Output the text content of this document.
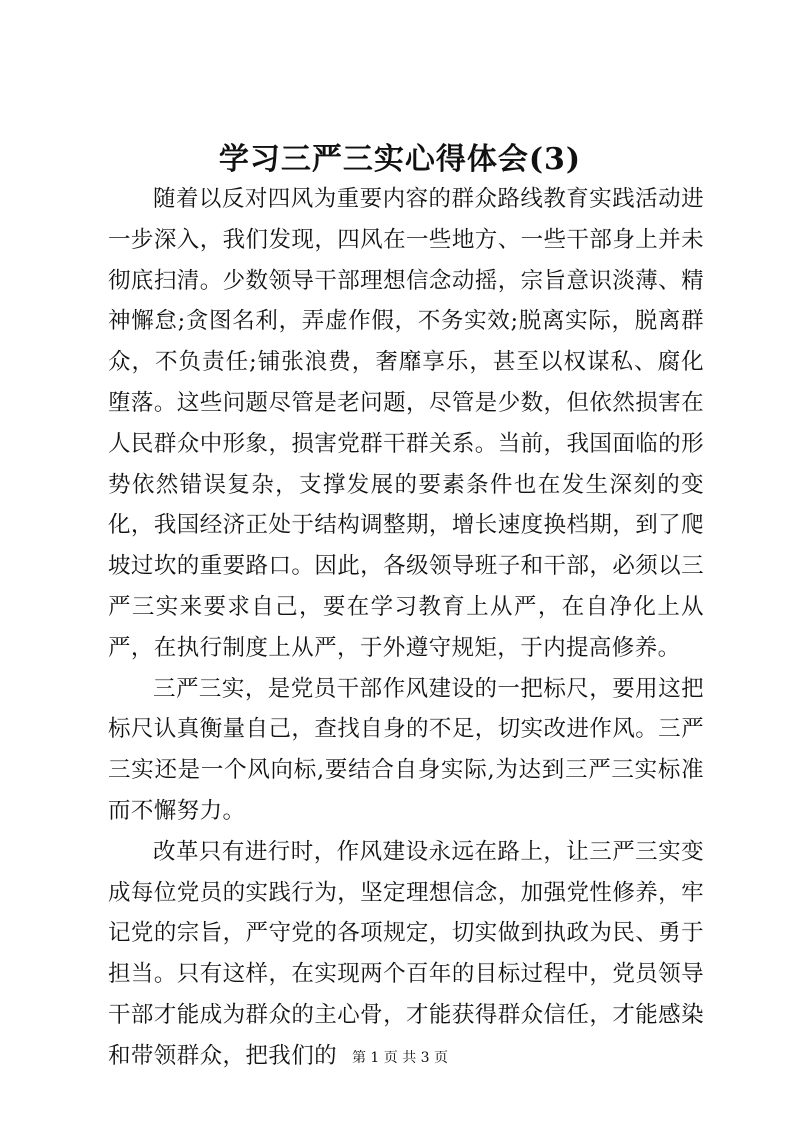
学习三严三实心得体会(3)

随着以反对四风为重要内容的群众路线教育实践活动进一步深入，我们发现，四风在一些地方、一些干部身上并未彻底扫清。少数领导干部理想信念动摇，宗旨意识淡薄、精神懈怠;贪图名利，弄虚作假，不务实效;脱离实际，脱离群众，不负责任;铺张浪费，奢靡享乐，甚至以权谋私、腐化堕落。这些问题尽管是老问题，尽管是少数，但依然损害在人民群众中形象，损害党群干群关系。当前，我国面临的形势依然错误复杂，支撑发展的要素条件也在发生深刻的变化，我国经济正处于结构调整期，增长速度换档期，到了爬坡过坎的重要路口。因此，各级领导班子和干部，必须以三严三实来要求自己，要在学习教育上从严，在自净化上从严，在执行制度上从严，于外遵守规矩，于内提高修养。

三严三实，是党员干部作风建设的一把标尺，要用这把标尺认真衡量自己，查找自身的不足，切实改进作风。三严三实还是一个风向标,要结合自身实际,为达到三严三实标准而不懈努力。

改革只有进行时，作风建设永远在路上，让三严三实变成每位党员的实践行为，坚定理想信念，加强党性修养，牢记党的宗旨，严守党的各项规定，切实做到执政为民、勇于担当。只有这样，在实现两个百年的目标过程中，党员领导干部才能成为群众的主心骨，才能获得群众信任，才能感染和带领群众，把我们的	第 1 页 共 3 页
